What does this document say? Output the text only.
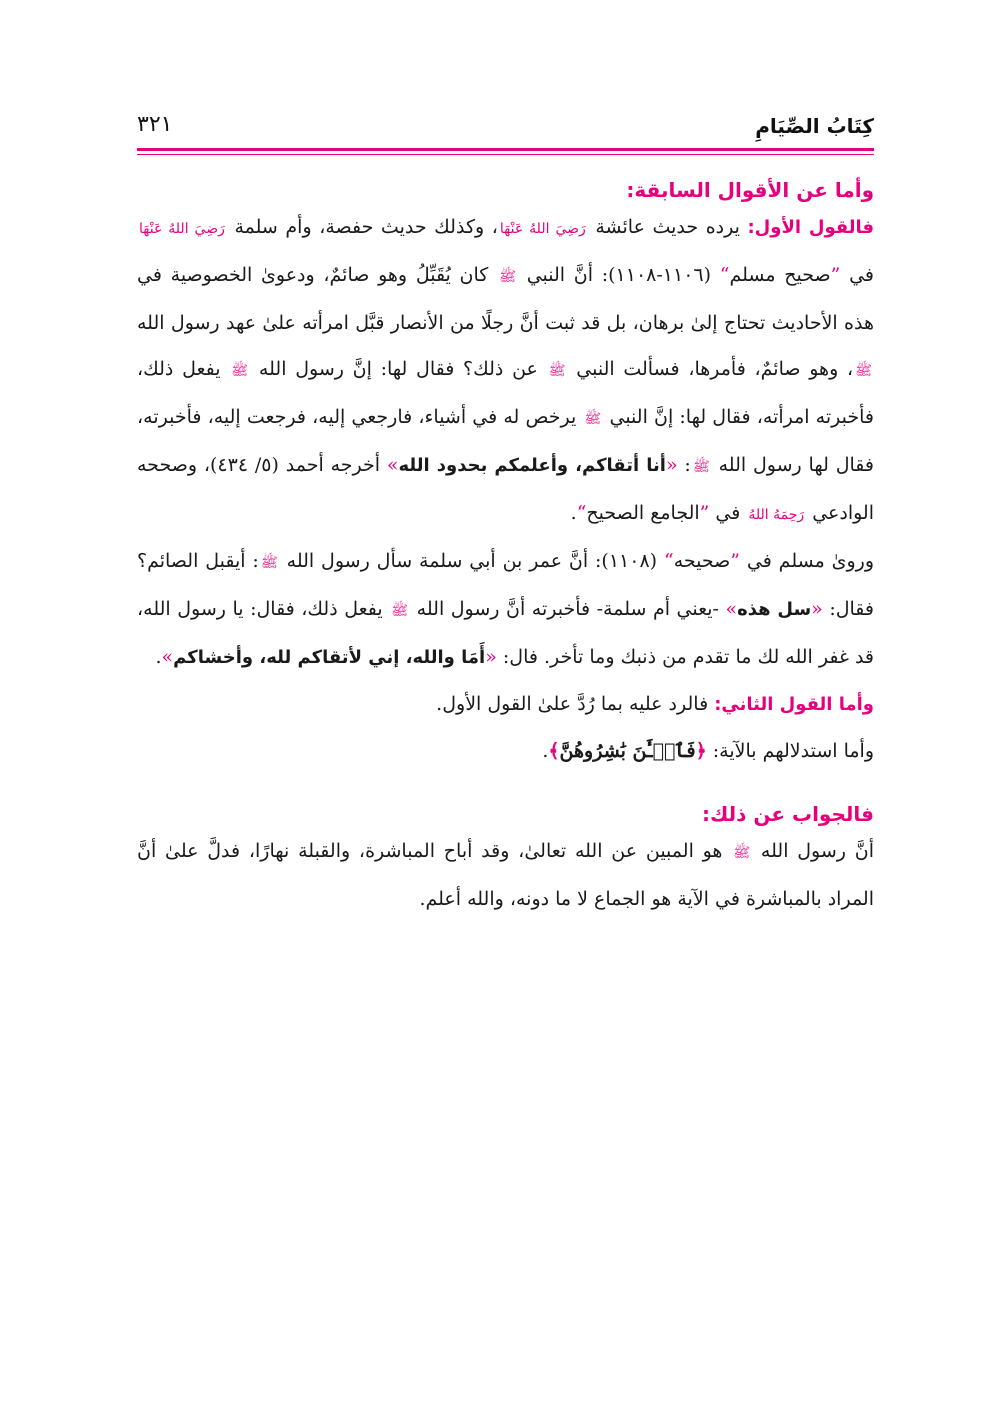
كِتَابُ الصِّيَامِ
٣٢١
وأما عن الأقوال السابقة:

فالقول الأول: يرده حديث عائشة رَضِيَ اللهُ عَنْهَا، وكذلك حديث حفصة، وأم سلمة رَضِيَ اللهُ عَنْهَا في ”صحيح مسلم“ (١١٠٦-١١٠٨): أنَّ النبي ﷺ كان يُقَبِّلُ وهو صائمٌ، ودعوىٰ الخصوصية في هذه الأحاديث تحتاج إلىٰ برهان، بل قد ثبت أنَّ رجلًا من الأنصار قبَّل امرأته علىٰ عهد رسول الله ﷺ، وهو صائمٌ، فأمرها، فسألت النبي ﷺ عن ذلك؟ فقال لها: إنَّ رسول الله ﷺ يفعل ذلك، فأخبرته امرأته، فقال لها: إنَّ النبي ﷺ يرخص له في أشياء، فارجعي إليه، فرجعت إليه، فأخبرته، فقال لها رسول الله ﷺ: «أنا أتقاكم، وأعلمكم بحدود الله» أخرجه أحمد (٥/ ٤٣٤)، وصححه الوادعي رَحِمَهُ اللهُ في ”الجامع الصحيح“.

وروىٰ مسلم في ”صحيحه“ (١١٠٨): أنَّ عمر بن أبي سلمة سأل رسول الله ﷺ: أيقبل الصائم؟ فقال: «سل هذه» -يعني أم سلمة- فأخبرته أنَّ رسول الله ﷺ يفعل ذلك، فقال: يا رسول الله، قد غفر الله لك ما تقدم من ذنبك وما تأخر. فال: «أَمَا والله، إني لأتقاكم لله، وأخشاكم».

وأما القول الثاني: فالرد عليه بما رُدَّ علىٰ القول الأول.

وأما استدلالهم بالآية: ﴿فَٱلۡـَٰٔنَ بَٰشِرُوهُنَّ﴾.

فالجواب عن ذلك:

أنَّ رسول الله ﷺ هو المبين عن الله تعالىٰ، وقد أباح المباشرة، والقبلة نهارًا، فدلَّ علىٰ أنَّ المراد بالمباشرة في الآية هو الجماع لا ما دونه، والله أعلم.
